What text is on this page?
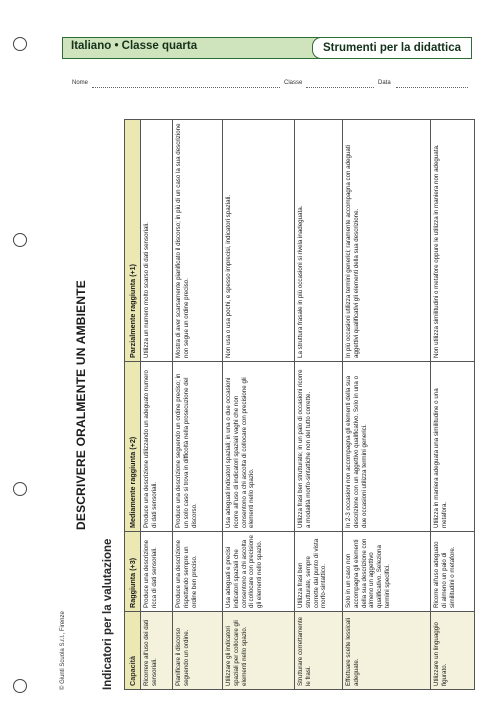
Italiano • Classe quarta	Strumenti per la didattica
Nome	Classe	Data
© Giunti Scuola S.r.l., Firenze
DESCRIVERE ORALMENTE UN AMBIENTE
Indicatori per la valutazione Capacità	Raggiunta (+3)	Mediamente raggiunta (+2)	Parzialmente raggiunta (+1)
Ricorrere all'uso dei dati sensoriali.	Produce una descrizione ricca di dati sensoriali.	Produce una descrizione utilizzando un adeguato numero di dati sensoriali.	Utilizza un numero molto scarso di dati sensoriali.
Pianificare il discorso seguendo un ordine.	Produce una descrizione rispettando sempre un ordine ben preciso.	Produce una descrizione seguendo un ordine preciso; in un solo caso si trova in difficoltà nella prosecuzione del discorso.	Mostra di aver scarsamente pianificato il discorso; in più di un caso la sua descrizione non segue un ordine preciso.
Utilizzare gli indicatori spaziali per collocare gli elementi nello spazio.	Usa adeguati e precisi indicatori spaziali che consentono a chi ascolta di collocare con precisione gli elementi nello spazio.	Usa adeguati indicatori spaziali; in una o due occasioni ricorre all'uso di indicatori spaziali vaghi che non consentono a chi ascolta di collocare con precisione gli elementi nello spazio.	Non usa o usa pochi, e spesso imprecisi, indicatori spaziali.
Strutturare correttamente le frasi.	Utilizza frasi ben strutturate, sempre corrette dal punto di vista morfo-sintattico.	Utilizza frasi ben strutturate; in un paio di occasioni ricorre a modalità morfo-sintattiche non del tutto corrette.	La struttura frasale in più occasioni si rivela inadeguata.
Effettuare scelte lessicali adeguate.	Solo in un caso non accompagna gli elementi della sua descrizione con almeno un aggettivo qualificativo. Seleziona termini specifici.	In 2-3 occasioni non accompagna gli elementi della sua descrizione con un aggettivo qualificativo. Solo in una o due occasioni utilizza termini generici.	In più occasioni utilizza termini generici; raramente accompagna con adeguati aggettivi qualificativi gli elementi della sua descrizione.
Utilizzare un linguaggio figurato.	Ricorre all'uso adeguato di almeno un paio di similitudini o metafore.	Utilizza in maniera adeguata una similitudine o una metafora.	Non utilizza similitudini o metafore oppure le utilizza in maniera non adeguata.
